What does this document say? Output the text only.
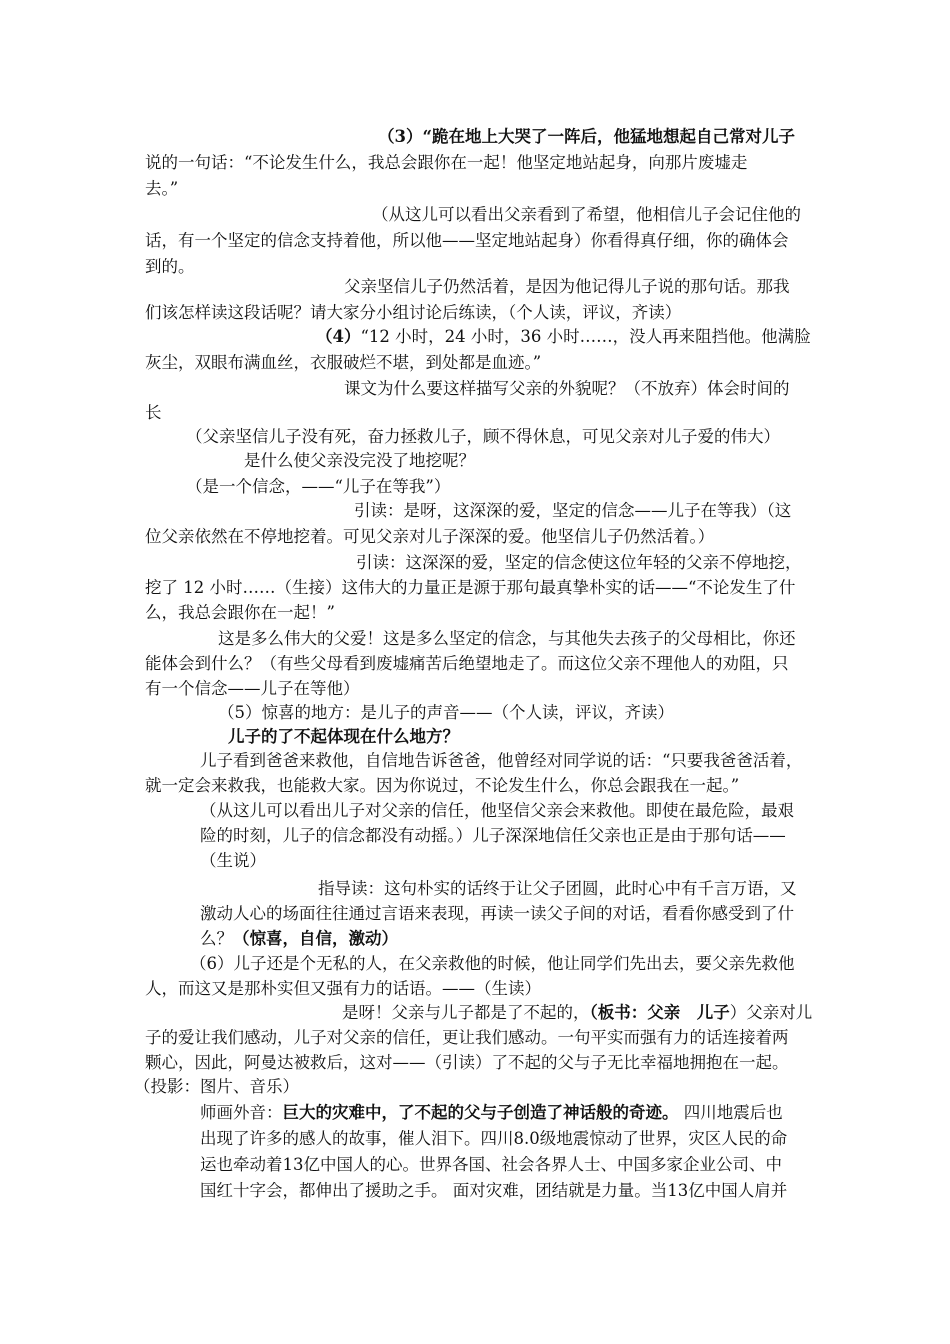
（3）“跪在地上大哭了一阵后，他猛地想起自己常对儿子
说的一句话：“不论发生什么，我总会跟你在一起！他坚定地站起身，向那片废墟走
去。”
（从这儿可以看出父亲看到了希望，他相信儿子会记住他的
话，有一个坚定的信念支持着他，所以他——坚定地站起身）你看得真仔细，你的确体会
到的。
父亲坚信儿子仍然活着，是因为他记得儿子说的那句话。那我
们该怎样读这段话呢？请大家分小组讨论后练读，（个人读，评议，齐读）
（4）“12 小时，24 小时，36 小时……，没人再来阻挡他。他满脸
灰尘，双眼布满血丝，衣服破烂不堪，到处都是血迹。”
课文为什么要这样描写父亲的外貌呢？（不放弃）体会时间的
长
（父亲坚信儿子没有死，奋力拯救儿子，顾不得休息，可见父亲对儿子爱的伟大）
是什么使父亲没完没了地挖呢？
（是一个信念，——“儿子在等我”）
引读：是呀，这深深的爱，坚定的信念——儿子在等我）（这
位父亲依然在不停地挖着。可见父亲对儿子深深的爱。他坚信儿子仍然活着。）
引读：这深深的爱，坚定的信念使这位年轻的父亲不停地挖，
挖了 12 小时……（生接）这伟大的力量正是源于那句最真挚朴实的话——“不论发生了什
么，我总会跟你在一起！”
这是多么伟大的父爱！这是多么坚定的信念，与其他失去孩子的父母相比，你还
能体会到什么？（有些父母看到废墟痛苦后绝望地走了。而这位父亲不理他人的劝阻，只
有一个信念——儿子在等他）
（5）惊喜的地方：是儿子的声音——（个人读，评议，齐读）
儿子的了不起体现在什么地方？
儿子看到爸爸来救他，自信地告诉爸爸，他曾经对同学说的话：“只要我爸爸活着，
就一定会来救我，也能救大家。因为你说过，不论发生什么，你总会跟我在一起。”
（从这儿可以看出儿子对父亲的信任，他坚信父亲会来救他。即使在最危险，最艰
险的时刻，儿子的信念都没有动摇。）儿子深深地信任父亲也正是由于那句话——
（生说）
指导读：这句朴实的话终于让父子团圆，此时心中有千言万语，又
激动人心的场面往往通过言语来表现，再读一读父子间的对话，看看你感受到了什
么？（惊喜，自信，激动）
（6）儿子还是个无私的人，在父亲救他的时候，他让同学们先出去，要父亲先救他
人，而这又是那朴实但又强有力的话语。——（生读）
是呀！父亲与儿子都是了不起的，（板书：父亲　儿子）父亲对儿
子的爱让我们感动，儿子对父亲的信任，更让我们感动。一句平实而强有力的话连接着两
颗心，因此，阿曼达被救后，这对——（引读）了不起的父与子无比幸福地拥抱在一起。
（投影：图片、音乐）
师画外音：巨大的灾难中，了不起的父与子创造了神话般的奇迹。 四川地震后也
出现了许多的感人的故事，催人泪下。四川8.0级地震惊动了世界，灾区人民的命
运也牵动着13亿中国人的心。世界各国、社会各界人士、中国多家企业公司、中
国红十字会，都伸出了援助之手。 面对灾难，团结就是力量。当13亿中国人肩并
